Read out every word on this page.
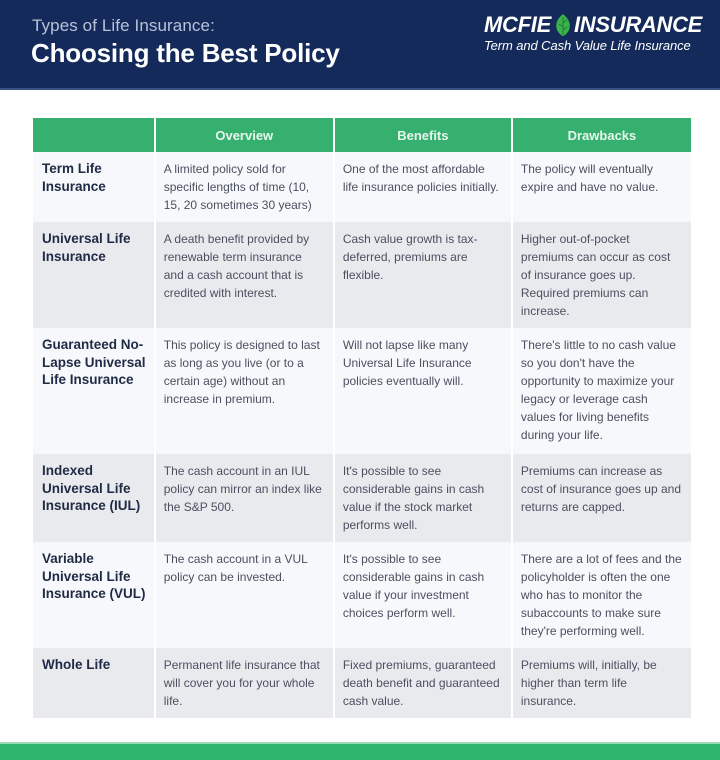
Types of Life Insurance:
Choosing the Best Policy
MCFIE INSURANCE
Term and Cash Value Life Insurance
	Overview	Benefits	Drawbacks
Term Life Insurance	A limited policy sold for specific lengths of time (10, 15, 20 sometimes 30 years)	One of the most affordable life insurance policies initially.	The policy will eventually expire and have no value.
Universal Life Insurance	A death benefit provided by renewable term insurance and a cash account that is credited with interest.	Cash value growth is tax-deferred, premiums are flexible.	Higher out-of-pocket premiums can occur as cost of insurance goes up. Required premiums can increase.
Guaranteed No-Lapse Universal Life Insurance	This policy is designed to last as long as you live (or to a certain age) without an increase in premium.	Will not lapse like many Universal Life Insurance policies eventually will.	There's little to no cash value so you don't have the opportunity to maximize your legacy or leverage cash values for living benefits during your life.
Indexed Universal Life Insurance (IUL)	The cash account in an IUL policy can mirror an index like the S&P 500.	It's possible to see considerable gains in cash value if the stock market performs well.	Premiums can increase as cost of insurance goes up and returns are capped.
Variable Universal Life Insurance (VUL)	The cash account in a VUL policy can be invested.	It's possible to see considerable gains in cash value if your investment choices perform well.	There are a lot of fees and the policyholder is often the one who has to monitor the subaccounts to make sure they're performing well.
Whole Life	Permanent life insurance that will cover you for your whole life.	Fixed premiums, guaranteed death benefit and guaranteed cash value.	Premiums will, initially, be higher than term life insurance.
